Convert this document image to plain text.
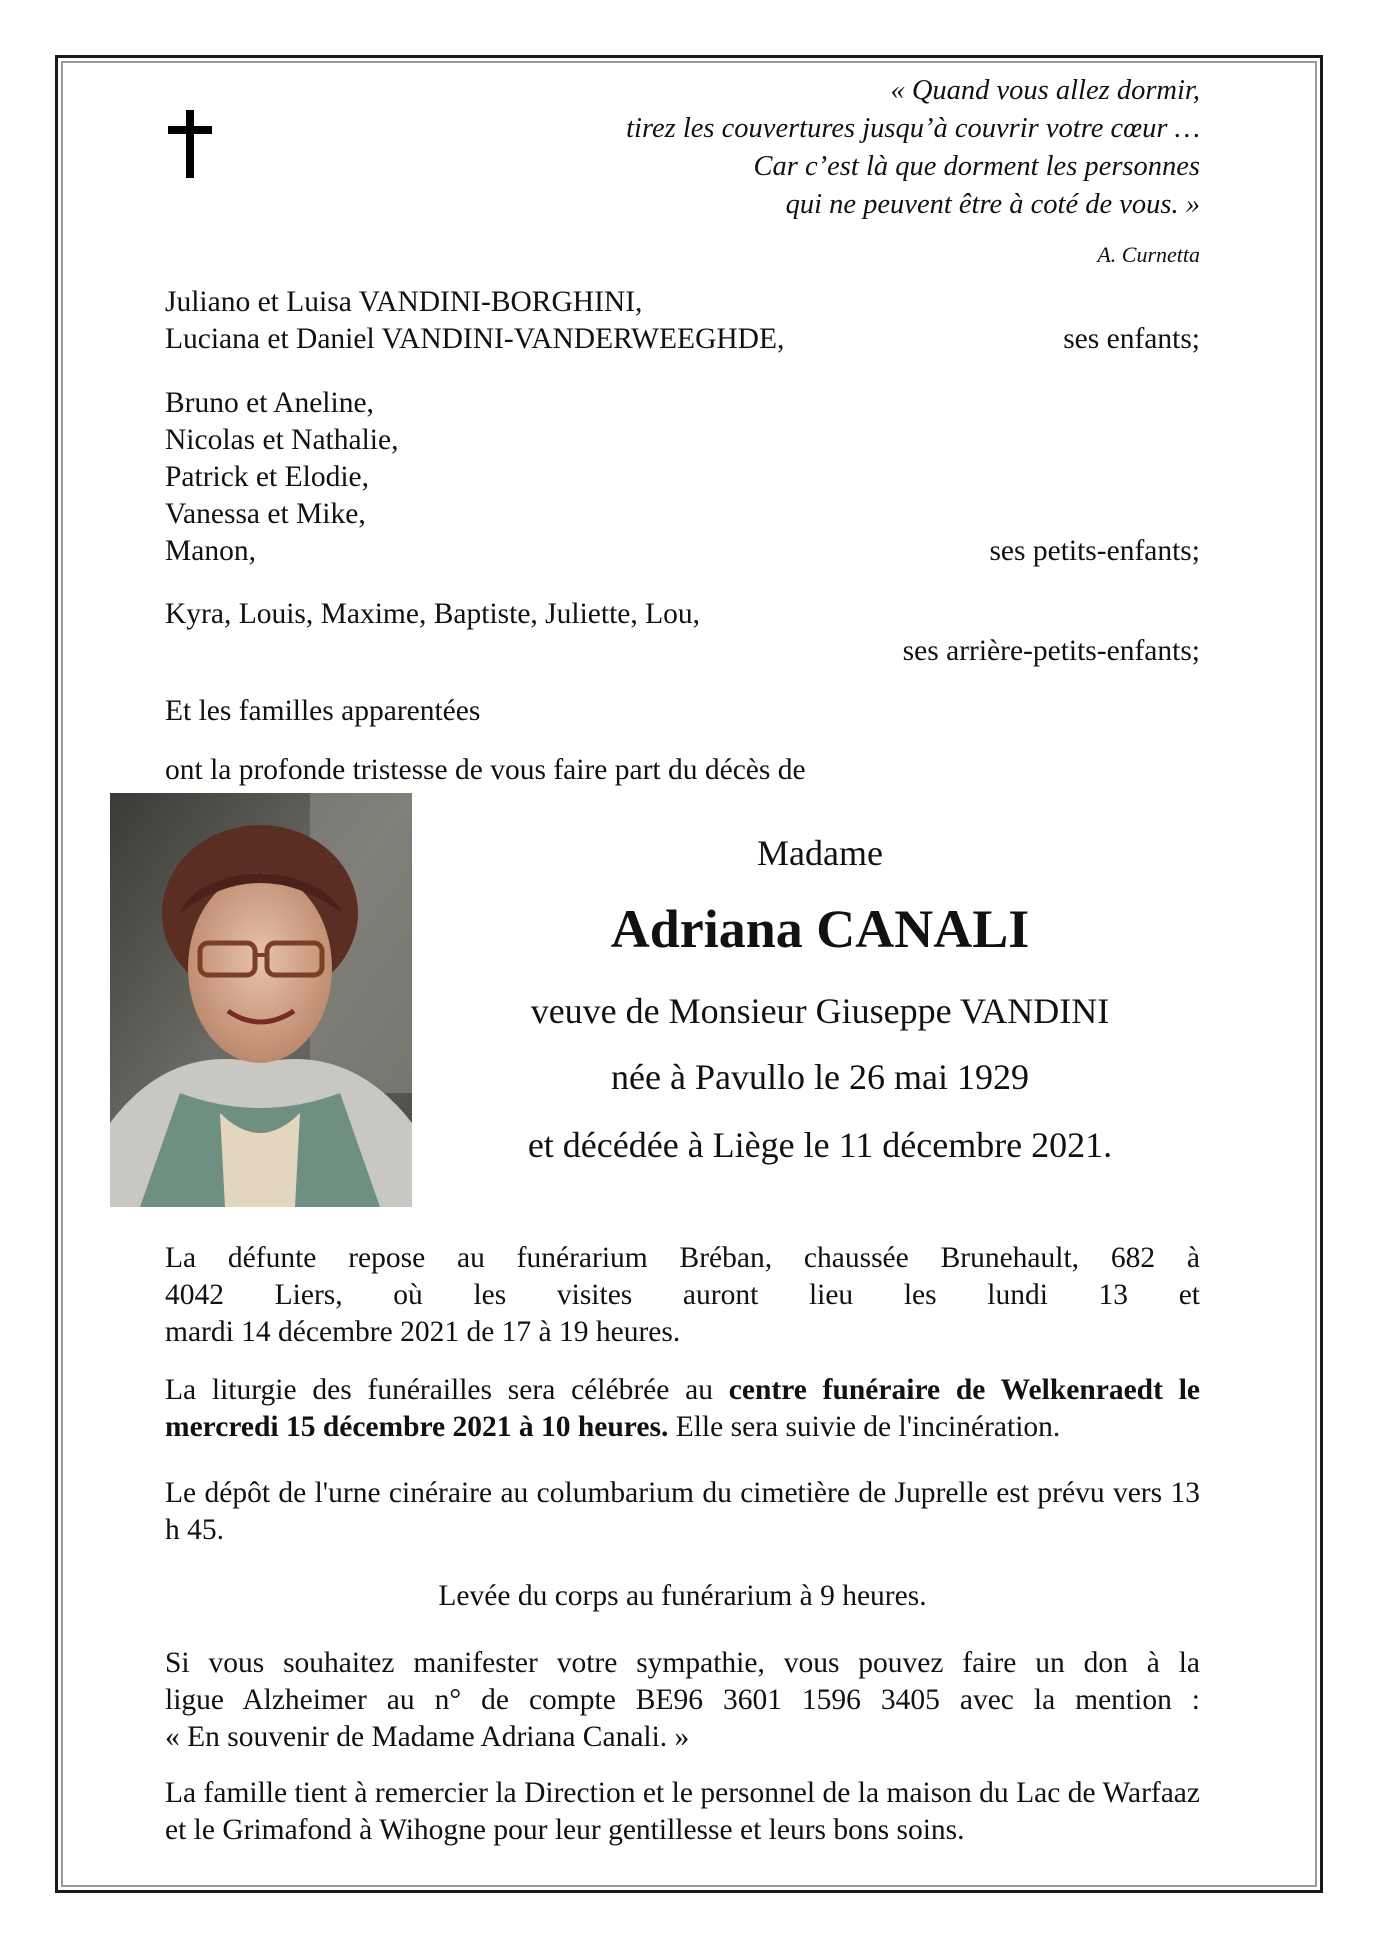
« Quand vous allez dormir,
tirez les couvertures jusqu’à couvrir votre cœur …
Car c’est là que dorment les personnes
qui ne peuvent être à coté de vous. »
A. Curnetta
Juliano et Luisa VANDINI-BORGHINI,
Luciana et Daniel VANDINI-VANDERWEEGHDE,	ses enfants;
Bruno et Aneline,
Nicolas et Nathalie,
Patrick et Elodie,
Vanessa et Mike,
Manon,	ses petits-enfants;
Kyra, Louis, Maxime, Baptiste, Juliette, Lou,
ses arrière-petits-enfants;
Et les familles apparentées
ont la profonde tristesse de vous faire part du décès de
Madame
Adriana CANALI
veuve de Monsieur Giuseppe VANDINI
née à Pavullo le 26 mai 1929
et décédée à Liège le 11 décembre 2021.
La défunte repose au funérarium Bréban, chaussée Brunehault, 682 à
4042 Liers, où les visites auront lieu les lundi 13 et
mardi 14 décembre 2021 de 17 à 19 heures.
La liturgie des funérailles sera célébrée au centre funéraire de Welkenraedt le mercredi 15 décembre 2021 à 10 heures. Elle sera suivie de l'incinération.
Le dépôt de l'urne cinéraire au columbarium du cimetière de Juprelle est prévu vers 13 h 45.
Levée du corps au funérarium à 9 heures.
Si vous souhaitez manifester votre sympathie, vous pouvez faire un don à la
ligue Alzheimer au n° de compte BE96 3601 1596 3405 avec la mention :
« En souvenir de Madame Adriana Canali. »
La famille tient à remercier la Direction et le personnel de la maison du Lac de Warfaaz et le Grimafond à Wihogne pour leur gentillesse et leurs bons soins.
